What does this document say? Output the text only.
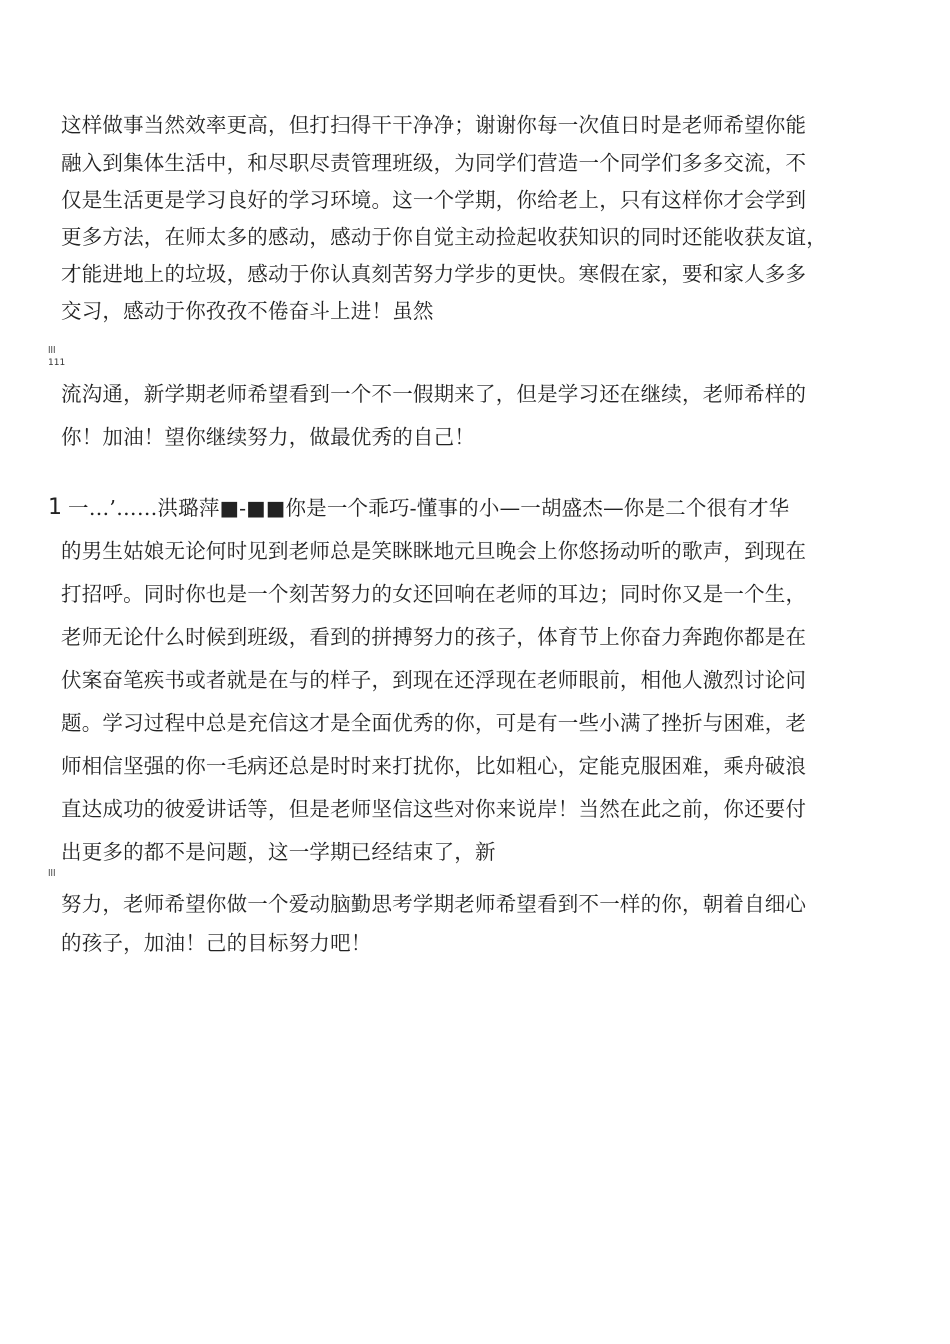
这样做事当然效率更高，但打扫得干干净净；谢谢你每一次值日时是老师希望你能
融入到集体生活中，和尽职尽责管理班级，为同学们营造一个同学们多多交流，不
仅是生活更是学习良好的学习环境。这一个学期，你给老上，只有这样你才会学到
更多方法，在师太多的感动，感动于你自觉主动捡起收获知识的同时还能收获友谊，
才能进地上的垃圾，感动于你认真刻苦努力学步的更快。寒假在家，要和家人多多
交习，感动于你孜孜不倦奋斗上进！虽然
lll
111
流沟通，新学期老师希望看到一个不一假期来了，但是学习还在继续，老师希样的
你！加油！望你继续努力，做最优秀的自己！
1 一…’……洪璐萍■-■■你是一个乖巧-懂事的小—一胡盛杰—你是二个很有才华
的男生姑娘无论何时见到老师总是笑眯眯地元旦晚会上你悠扬动听的歌声，到现在
打招呼。同时你也是一个刻苦努力的女还回响在老师的耳边；同时你又是一个生，
老师无论什么时候到班级，看到的拼搏努力的孩子，体育节上你奋力奔跑你都是在
伏案奋笔疾书或者就是在与的样子，到现在还浮现在老师眼前，相他人激烈讨论问
题。学习过程中总是充信这才是全面优秀的你，可是有一些小满了挫折与困难，老
师相信坚强的你一毛病还总是时时来打扰你，比如粗心，定能克服困难，乘舟破浪
直达成功的彼爱讲话等，但是老师坚信这些对你来说岸！当然在此之前，你还要付
出更多的都不是问题，这一学期已经结束了，新
lll
努力，老师希望你做一个爱动脑勤思考学期老师希望看到不一样的你，朝着自细心
的孩子，加油！己的目标努力吧！
